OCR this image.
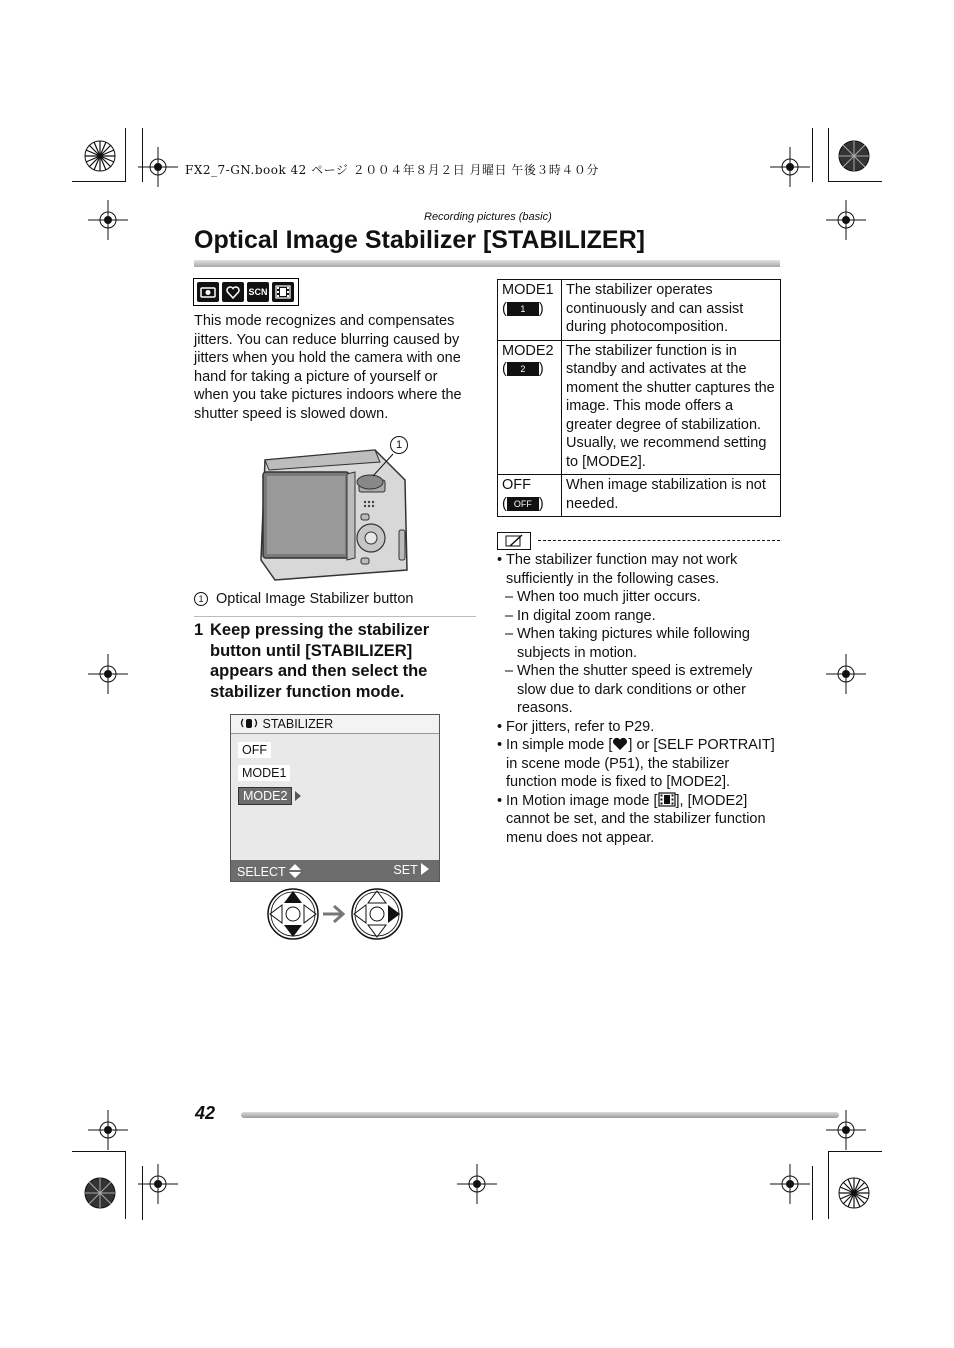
FX2_7-GN.book 42 ページ ２００４年８月２日 月曜日 午後３時４０分
Recording pictures (basic)
Optical Image Stabilizer [STABILIZER]
SCN

This mode recognizes and compensates jitters. You can reduce blurring caused by jitters when you hold the camera with one hand for taking a picture of yourself or when you take pictures indoors where the shutter speed is slowed down.

1
1 Optical Image Stabilizer button
1 Keep pressing the stabilizer button until [STABILIZER] appears and then select the stabilizer function mode.
STABILIZER
OFF
MODE1
MODE2
SELECT	SET
MODE1
( 1 )	The stabilizer operates continuously and can assist during photocomposition.
MODE2
( 2 )	The stabilizer function is in standby and activates at the moment the shutter captures the image. This mode offers a greater degree of stabilization. Usually, we recommend setting to [MODE2].
OFF
( OFF )	When image stabilization is not needed.

• The stabilizer function may not work sufficiently in the following cases.

– When too much jitter occurs.

– In digital zoom range.

– When taking pictures while following subjects in motion.

– When the shutter speed is extremely slow due to dark conditions or other reasons.

• For jitters, refer to P29.

• In simple mode [ ] or [SELF PORTRAIT] in scene mode (P51), the stabilizer function mode is fixed to [MODE2].

• In Motion image mode [ ], [MODE2] cannot be set, and the stabilizer function menu does not appear.

42
